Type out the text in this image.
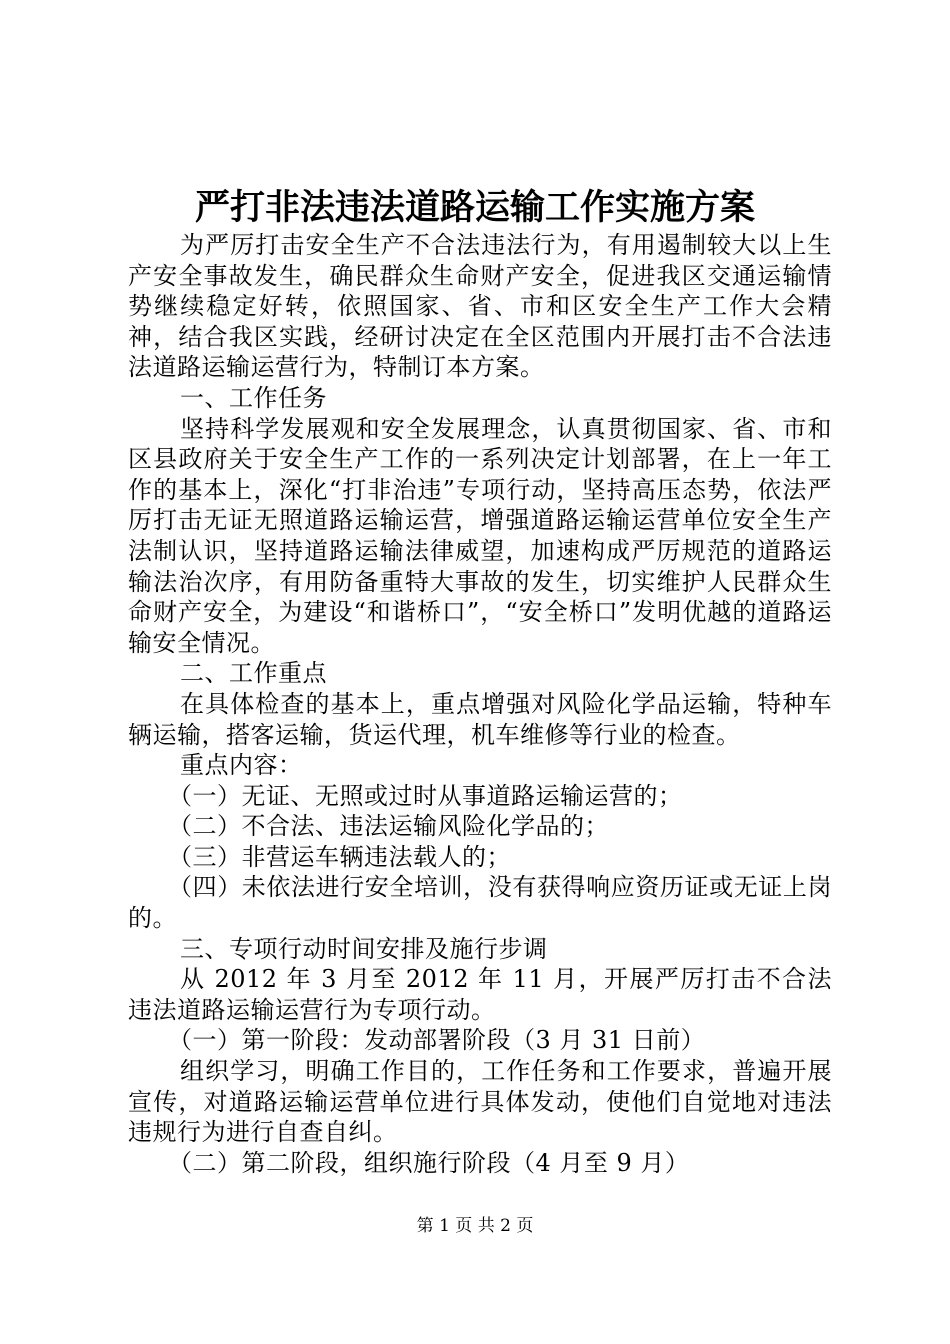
严打非法违法道路运输工作实施方案

为严厉打击安全生产不合法违法行为，有用遏制较大以上生产安全事故发生，确民群众生命财产安全，促进我区交通运输情势继续稳定好转，依照国家、省、市和区安全生产工作大会精神，结合我区实践，经研讨决定在全区范围内开展打击不合法违法道路运输运营行为，特制订本方案。

一、工作任务

坚持科学发展观和安全发展理念，认真贯彻国家、省、市和区县政府关于安全生产工作的一系列决定计划部署，在上一年工作的基本上，深化“打非治违”专项行动，坚持高压态势，依法严厉打击无证无照道路运输运营，增强道路运输运营单位安全生产法制认识，坚持道路运输法律威望，加速构成严厉规范的道路运输法治次序，有用防备重特大事故的发生，切实维护人民群众生命财产安全，为建设“和谐桥口”，“安全桥口”发明优越的道路运输安全情况。

二、工作重点

在具体检查的基本上，重点增强对风险化学品运输，特种车辆运输，搭客运输，货运代理，机车维修等行业的检查。

重点内容：

（一）无证、无照或过时从事道路运输运营的；

（二）不合法、违法运输风险化学品的；

（三）非营运车辆违法载人的；

（四）未依法进行安全培训，没有获得响应资历证或无证上岗的。

三、专项行动时间安排及施行步调

从 2012 年 3 月至 2012 年 11 月，开展严厉打击不合法违法道路运输运营行为专项行动。

（一）第一阶段：发动部署阶段（3 月 31 日前）

组织学习，明确工作目的，工作任务和工作要求，普遍开展宣传，对道路运输运营单位进行具体发动，使他们自觉地对违法违规行为进行自查自纠。

（二）第二阶段，组织施行阶段（4 月至 9 月）

第 1 页 共 2 页
